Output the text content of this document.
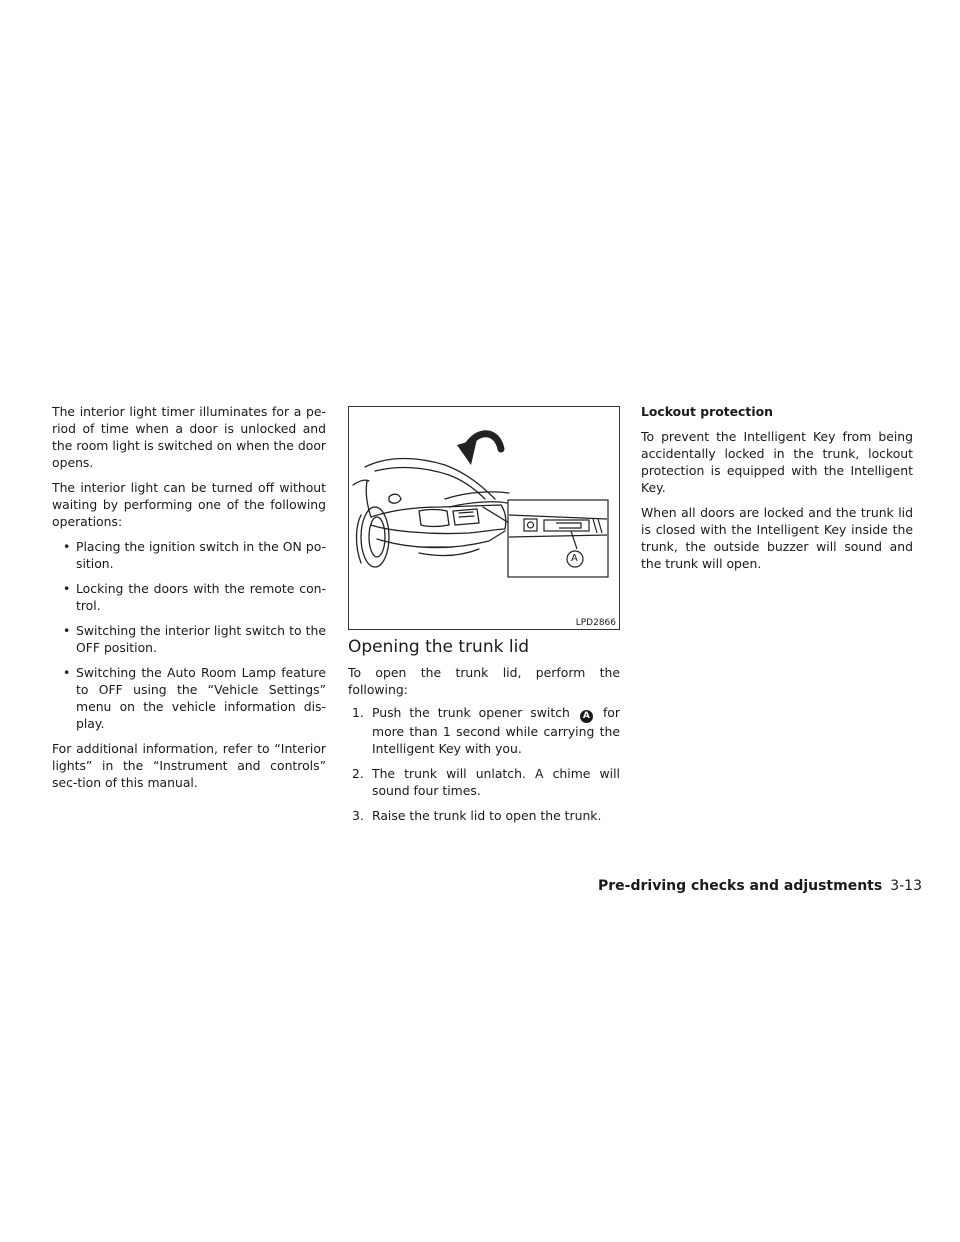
The interior light timer illuminates for a pe-riod of time when a door is unlocked and the room light is switched on when the door opens.

The interior light can be turned off without waiting by performing one of the following operations:

• Placing the ignition switch in the ON po-sition.
• Locking the doors with the remote con-trol.
• Switching the interior light switch to the OFF position.
• Switching the Auto Room Lamp feature to OFF using the “Vehicle Settings” menu on the vehicle information dis-play.

For additional information, refer to “Interior lights” in the “Instrument and controls” sec-tion of this manual.

LPD2866
A
Opening the trunk lid

To open the trunk lid, perform the following:

1. Push the trunk opener switch A for more than 1 second while carrying the Intelligent Key with you.
2. The trunk will unlatch. A chime will sound four times.
3. Raise the trunk lid to open the trunk.
Lockout protection

To prevent the Intelligent Key from being accidentally locked in the trunk, lockout protection is equipped with the Intelligent Key.

When all doors are locked and the trunk lid is closed with the Intelligent Key inside the trunk, the outside buzzer will sound and the trunk will open.

Pre-driving checks and adjustments 3-13
